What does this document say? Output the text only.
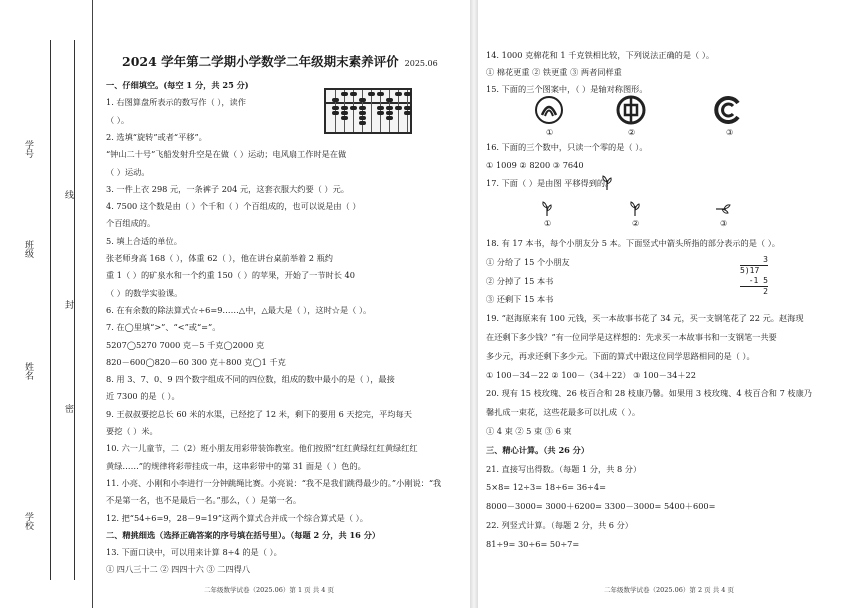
学号
线
班级
封
姓名
密
学校
2024 学年第二学期小学数学二年级期末素养评价 2025.06
一、仔细填空。(每空 1 分，共 25 分)
1. 右图算盘所表示的数写作（ ），读作
（ ）。
2. 选填“旋转”或者“平移”。
“钟山二十号”飞船发射升空是在做（ ）运动；电风扇工作时是在做
（ ）运动。
3. 一件上衣 298 元，一条裤子 204 元，这套衣服大约要（ ）元。
4. 7500 这个数是由（ ）个千和（ ）个百组成的，也可以说是由（ ）
个百组成的。
5. 填上合适的单位。
张老师身高 168（ ），体重 62（ ），他在讲台桌前举着 2 瓶约
重 1（ ）的矿泉水和一个约重 150（ ）的苹果，开始了一节时长 40
（ ）的数学实验课。
6. 在有余数的除法算式☆÷6=9……△中，△最大是（ ），这时☆是（ ）。
7. 在◯里填“>”、“<”或“=”。
5207◯5270 7000 克－5 千克◯2000 克
820－600◯820－60 300 克＋800 克◯1 千克
8. 用 3、7、0、9 四个数字组成不同的四位数，组成的数中最小的是（ ），最接
近 7300 的是（ ）。
9. 王叔叔要挖总长 60 米的水渠，已经挖了 12 米，剩下的要用 6 天挖完，平均每天
要挖（ ）米。
10. 六一儿童节，二（2）班小朋友用彩带装饰教室。他们按照“红红黄绿红红黄绿红红
黄绿……”的规律将彩带挂成一串，这串彩带中的第 31 面是（ ）色的。
11. 小亮、小刚和小李进行一分钟跳绳比赛。小亮说：“我不是我们跳得最少的。”小刚说：“我
不是第一名，也不是最后一名。”那么，（ ）是第一名。
12. 把“54÷6=9，28－9=19”这两个算式合并成一个综合算式是（ ）。
二、精挑细选（选择正确答案的序号填在括号里）。（每题 2 分，共 16 分）
13. 下面口诀中，可以用来计算 8÷4 的是（ ）。
① 四八三十二 ② 四四十六 ③ 二四得八
二年级数学试卷（2025.06）第 1 页 共 4 页
14. 1000 克棉花和 1 千克铁相比较，下列说法正确的是（ ）。
① 棉花更重 ② 铁更重 ③ 两者同样重
15. 下面的三个图案中，（ ）是轴对称图形。
①	②	③
16. 下面的三个数中，只读一个零的是（ ）。
① 1009 ② 8200 ③ 7640
17. 下面（ ）是由图 平移得到的。
①	②	③
18. 有 17 本书，每个小朋友分 5 本。下面竖式中箭头所指的部分表示的是（ ）。
① 分给了 15 个小朋友
② 分掉了 15 本书
③ 还剩下 15 本书
19. “赵海原来有 100 元钱，买一本故事书花了 34 元，买一支钢笔花了 22 元。赵海现
在还剩下多少钱？”有一位同学是这样想的：先求买一本故事书和一支钢笔一共要
多少元，再求还剩下多少元。下面的算式中跟这位同学思路相同的是（ ）。
① 100－34－22 ② 100－（34＋22） ③ 100－34＋22
20. 现有 15 枝玫瑰、26 枝百合和 28 枝康乃馨。如果用 3 枝玫瑰、4 枝百合和 7 枝康乃
馨扎成一束花，这些花最多可以扎成（ ）。
① 4 束 ② 5 束 ③ 6 束
三、精心计算。（共 26 分）
21. 直接写出得数。（每题 1 分，共 8 分）
5×8= 12÷3= 18÷6= 36÷4=
8000－3000= 3000＋6200= 3300－3000= 5400＋600=
22. 列竖式计算。（每题 2 分，共 6 分）
81÷9= 30÷6= 50÷7=
二年级数学试卷（2025.06）第 2 页 共 4 页
3
5)17
-1 5
2
